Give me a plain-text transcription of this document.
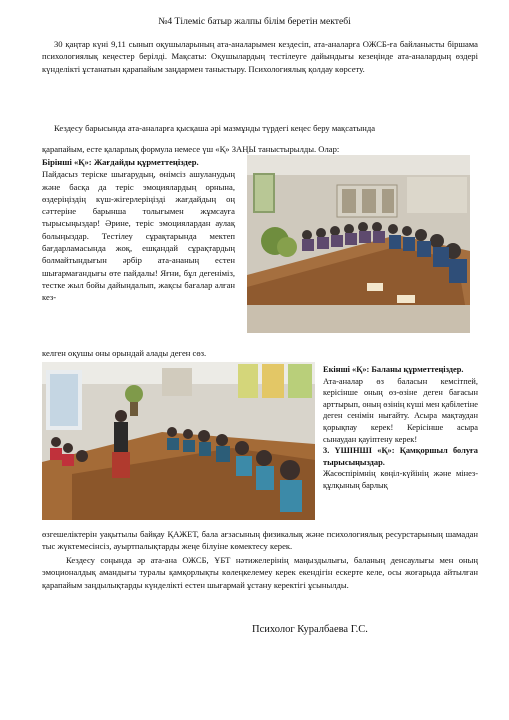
№4 Тілеміс батыр жалпы білім беретін мектебі

30 қаңтар күні 9,11 сынып оқушыларының ата-аналарымен кездесіп, ата-аналарға ОЖСБ-ға байланысты біршама психологиялық кеңестер берілді. Мақсаты: Оқушылардың тестілеуге дайындығы кезеңінде ата-аналардың өздері күнделікті ұстанатын қарапайым заңдармен таныстыру. Психологиялық қолдау көрсету.

Кездесу барысында ата-аналарға қысқаша әрі мазмұнды түрдегі кеңес беру мақсатында

қарапайым, есте қаларлық формула немесе үш «Қ» ЗАҢЫ таныстырылды. Олар:

Бірінші «Қ»: Жағдайды құрметтеңіздер.
Пайдасыз теріске шығарудың, өнімсіз ашуланудың және басқа да теріс эмоциялардың орнына, өздеріңіздің күш-жігерлеріңізді жағдайдың оң сәттеріне барынша толығымен жұмсауға тырысыңыздар! Әрине, теріс эмоциялардан аулақ болыңыздар. Тестілеу сұрақтарында мектеп бағдарламасында жоқ, ешқандай сұрақтардың болмайтындығын әрбір ата-ананың естен шығармағандығы өте пайдалы! Яғни, бұл дегеніміз, тестке жыл бойы дайындалып, жақсы бағалар алған кез-
келген оқушы оны орындай алады деген сөз.
Екінші «Қ»: Баланы құрметтеңіздер.
Ата-аналар өз баласын кемсітпей, керісінше оның өз-өзіне деген бағасын арттырып, оның өзінің күші мен қабілетіне деген сенімін нығайту. Асыра мақтаудан қорықпау керек! Керісінше асыра сынаудан қауіптену керек!
3. ҮШІНШІ «Қ»: Қамқоршыл болуға тырысыңыздар.
Жасөспірімнің көңіл-күйінің және мінез-құлқының барлық

өзгешеліктерін уақытылы байқау ҚАЖЕТ, бала ағзасының физикалық және психологиялық ресурстарының шамадан тыс жүктемесінсіз, ауыртпалықтарды жеңе білуіне көмектесу керек.

Кездесу соңында әр ата-ана ОЖСБ, ҰБТ нәтижелерінің маңыздылығы, баланың денсаулығы мен оның эмоционалдық амандығы туралы қамқорлықты көлеңкелемеу керек екендігін ескерте келе, осы жоғарыда айтылған қарапайым заңдылықтарды күнделікті естен шығармай ұстану керектігі ұсынылды.

Психолог Куралбаева Г.С.
